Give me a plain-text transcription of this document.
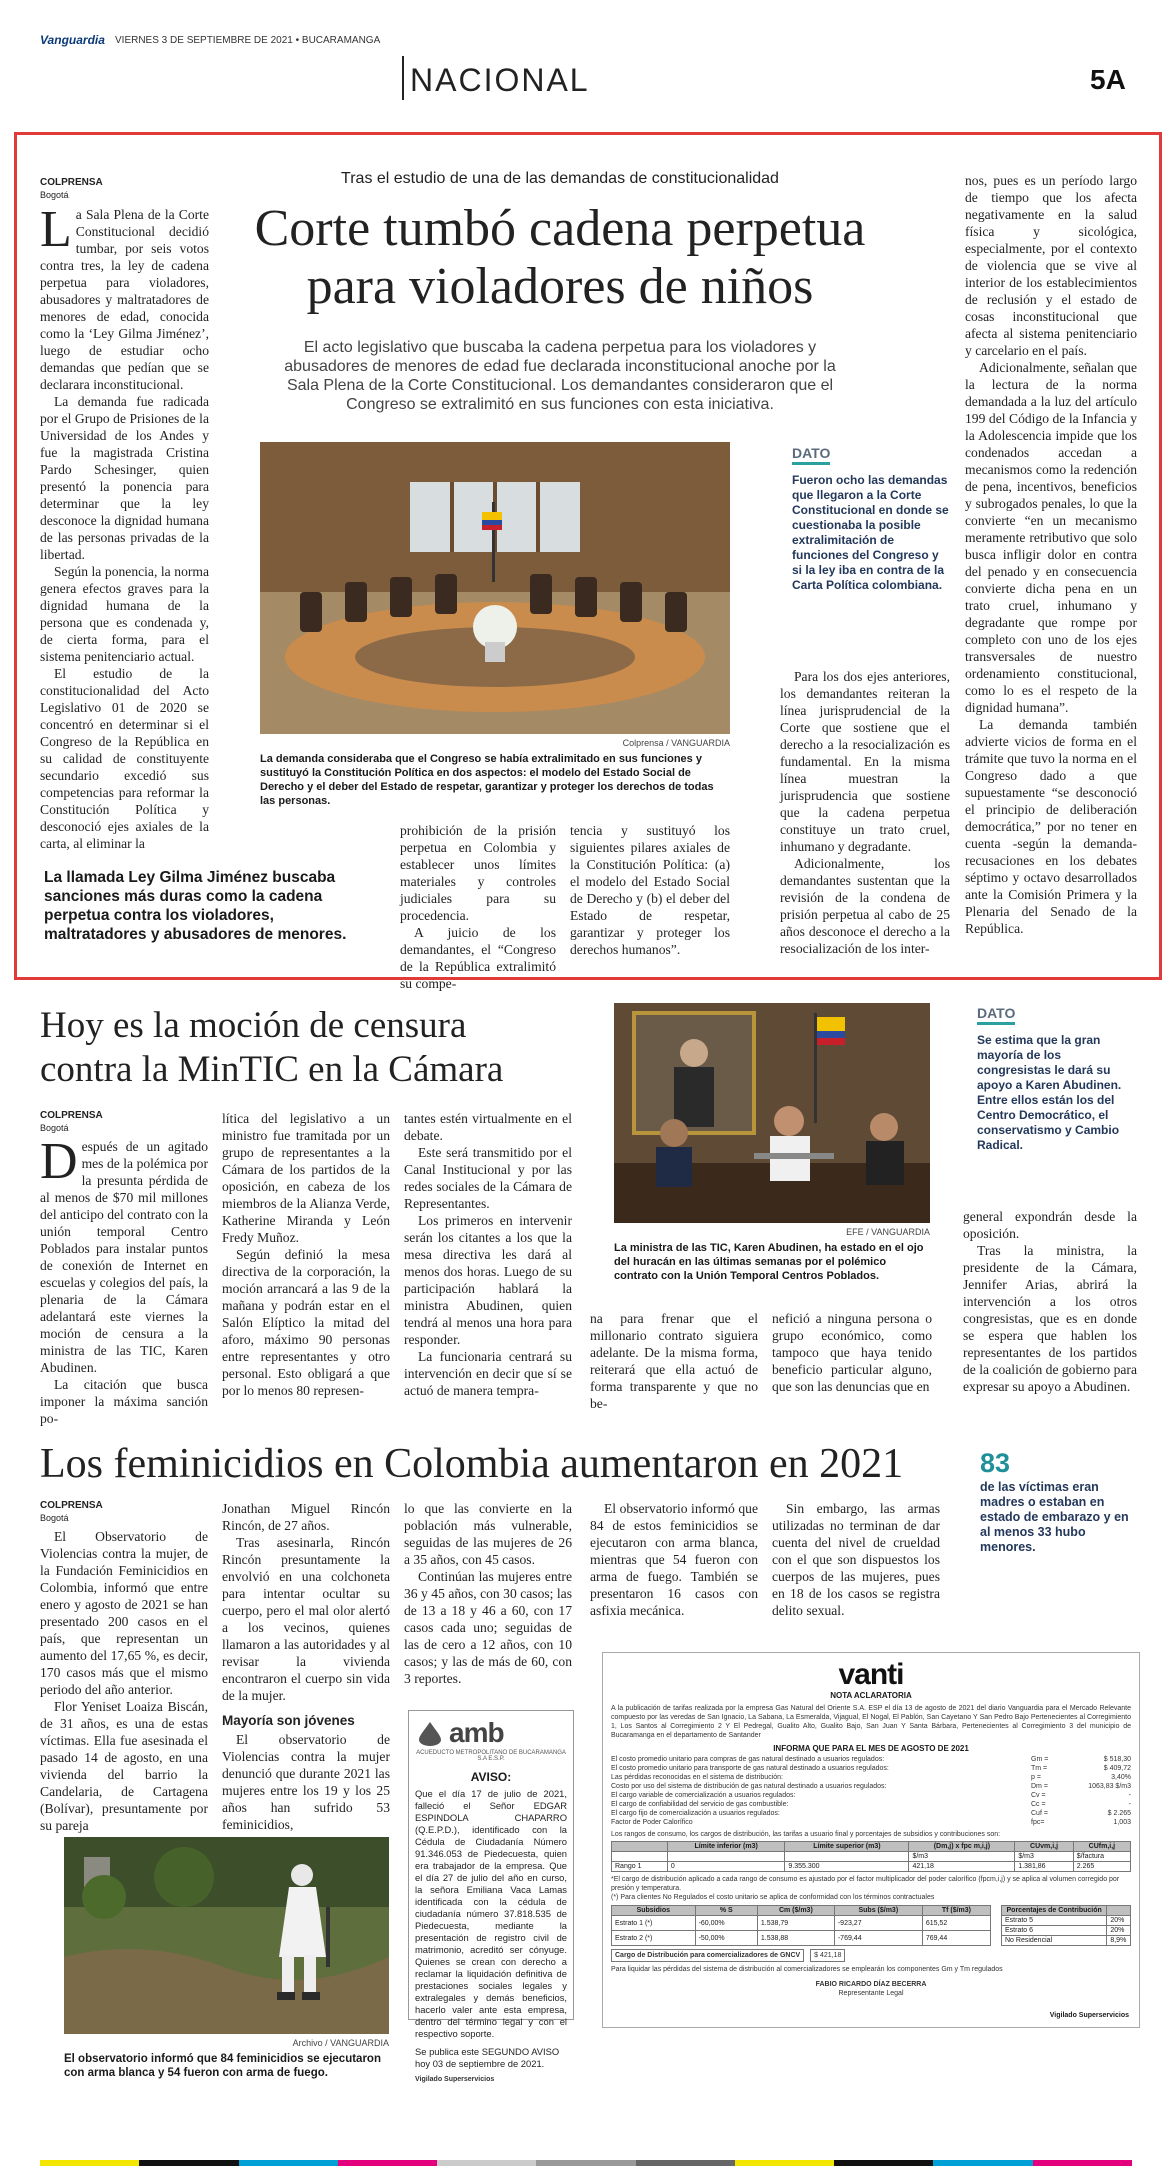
Vanguardia VIERNES 3 DE SEPTIEMBRE DE 2021 • BUCARAMANGA
NACIONAL	5A
COLPRENSA
Bogotá
L a Sala Plena de la Corte Constitucional decidió tumbar, por seis votos contra tres, la ley de cadena perpetua para violadores, abusadores y maltratadores de menores de edad, conocida como la ‘Ley Gilma Jiménez’, luego de estudiar ocho demandas que pedían que se declarara inconstitucional.

La demanda fue radicada por el Grupo de Prisiones de la Universidad de los Andes y fue la magistrada Cristina Pardo Schesinger, quien presentó la ponencia para determinar que la ley desconoce la dignidad humana de las personas privadas de la libertad.

Según la ponencia, la norma genera efectos graves para la dignidad humana de la persona que es condenada y, de cierta forma, para el sistema penitenciario actual.

El estudio de la constitucionalidad del Acto Legislativo 01 de 2020 se concentró en determinar si el Congreso de la República en su calidad de constituyente secundario excedió sus competencias para reformar la Constitución Política y desconoció ejes axiales de la carta, al eliminar la

La llamada Ley Gilma Jiménez buscaba sanciones más duras como la cadena perpetua contra los violadores, maltratadores y abusadores de menores.
Tras el estudio de una de las demandas de constitucionalidad
Corte tumbó cadena perpetua
para violadores de niños
El acto legislativo que buscaba la cadena perpetua para los violadores y abusadores de menores de edad fue declarada inconstitucional anoche por la Sala Plena de la Corte Constitucional. Los demandantes consideraron que el Congreso se extralimitó en sus funciones con esta iniciativa.
Colprensa / VANGUARDIA
La demanda consideraba que el Congreso se había extralimitado en sus funciones y sustituyó la Constitución Política en dos aspectos: el modelo del Estado Social de Derecho y el deber del Estado de respetar, garantizar y proteger los derechos de todas las personas.

prohibición de la prisión perpetua en Colombia y establecer unos límites materiales y controles judiciales para su procedencia.

A juicio de los demandantes, el “Congreso de la República extralimitó su compe-

tencia y sustituyó los siguientes pilares axiales de la Constitución Política: (a) el modelo del Estado Social de Derecho y (b) el deber del Estado de respetar, garantizar y proteger los derechos humanos”.

DATO
Fueron ocho las demandas que llegaron a la Corte Constitucional en donde se cuestionaba la posible extralimitación de funciones del Congreso y si la ley iba en contra de la Carta Política colombiana.

Para los dos ejes anteriores, los demandantes reiteran la línea jurisprudencial de la Corte que sostiene que el derecho a la resocialización es fundamental. En la misma línea muestran la jurisprudencia que sostiene que la cadena perpetua constituye un trato cruel, inhumano y degradante.

Adicionalmente, los demandantes sustentan que la revisión de la condena de prisión perpetua al cabo de 25 años desconoce el derecho a la resocialización de los inter-

nos, pues es un período largo de tiempo que los afecta negativamente en la salud física y sicológica, especialmente, por el contexto de violencia que se vive al interior de los establecimientos de reclusión y el estado de cosas inconstitucional que afecta al sistema penitenciario y carcelario en el país.

Adicionalmente, señalan que la lectura de la norma demandada a la luz del artículo 199 del Código de la Infancia y la Adolescencia impide que los condenados accedan a mecanismos como la redención de pena, incentivos, beneficios y subrogados penales, lo que la convierte “en un mecanismo meramente retributivo que solo busca infligir dolor en contra del penado y en consecuencia convierte dicha pena en un trato cruel, inhumano y degradante que rompe por completo con uno de los ejes transversales de nuestro ordenamiento constitucional, como lo es el respeto de la dignidad humana”.

La demanda también advierte vicios de forma en el trámite que tuvo la norma en el Congreso dado a que supuestamente “se desconoció el principio de deliberación democrática,” por no tener en cuenta -según la demanda- recusaciones en los debates séptimo y octavo desarrollados ante la Comisión Primera y la Plenaria del Senado de la República.

Hoy es la moción de censura
contra la MinTIC en la Cámara
COLPRENSA
Bogotá
D espués de un agitado mes de la polémica por la presunta pérdida de al menos de $70 mil millones del anticipo del contrato con la unión temporal Centro Poblados para instalar puntos de conexión de Internet en escuelas y colegios del país, la plenaria de la Cámara adelantará este viernes la moción de censura a la ministra de las TIC, Karen Abudinen.

La citación que busca imponer la máxima sanción po-

lítica del legislativo a un ministro fue tramitada por un grupo de representantes a la Cámara de los partidos de la oposición, en cabeza de los miembros de la Alianza Verde, Katherine Miranda y León Fredy Muñoz.

Según definió la mesa directiva de la corporación, la moción arrancará a las 9 de la mañana y podrán estar en el Salón Elíptico la mitad del aforo, máximo 90 personas entre representantes y otro personal. Esto obligará a que por lo menos 80 represen-

tantes estén virtualmente en el debate.

Este será transmitido por el Canal Institucional y por las redes sociales de la Cámara de Representantes.

Los primeros en intervenir serán los citantes a los que la mesa directiva les dará al menos dos horas. Luego de su participación hablará la ministra Abudinen, quien tendrá al menos una hora para responder.

La funcionaria centrará su intervención en decir que sí se actuó de manera tempra-

EFE / VANGUARDIA
La ministra de las TIC, Karen Abudinen, ha estado en el ojo del huracán en las últimas semanas por el polémico contrato con la Unión Temporal Centros Poblados.

na para frenar que el millonario contrato siguiera adelante. De la misma forma, reiterará que ella actuó de forma transparente y que no be-

nefició a ninguna persona o grupo económico, como tampoco que haya tenido beneficio particular alguno, que son las denuncias que en

DATO
Se estima que la gran mayoría de los congresistas le dará su apoyo a Karen Abudinen. Entre ellos están los del Centro Democrático, el conservatismo y Cambio Radical.

general expondrán desde la oposición.

Tras la ministra, la presidente de la Cámara, Jennifer Arias, abrirá la intervención a los otros congresistas, que es en donde se espera que hablen los representantes de los partidos de la coalición de gobierno para expresar su apoyo a Abudinen.

Los feminicidios en Colombia aumentaron en 2021	83
de las víctimas eran madres o estaban en estado de embarazo y en al menos 33 hubo menores.
COLPRENSA
Bogotá

El Observatorio de Violencias contra la mujer, de la Fundación Feminicidios en Colombia, informó que entre enero y agosto de 2021 se han presentado 200 casos en el país, que representan un aumento del 17,65 %, es decir, 170 casos más que el mismo periodo del año anterior.

Flor Yeniset Loaiza Biscán, de 31 años, es una de estas víctimas. Ella fue asesinada el pasado 14 de agosto, en una vivienda del barrio la Candelaria, de Cartagena (Bolívar), presuntamente por su pareja

Jonathan Miguel Rincón Rincón, de 27 años.

Tras asesinarla, Rincón Rincón presuntamente la envolvió en una colchoneta para intentar ocultar su cuerpo, pero el mal olor alertó a los vecinos, quienes llamaron a las autoridades y al revisar la vivienda encontraron el cuerpo sin vida de la mujer.

Mayoría son jóvenes

El observatorio de Violencias contra la mujer denunció que durante 2021 las mujeres entre los 19 y los 25 años han sufrido 53 feminicidios,

lo que las convierte en la población más vulnerable, seguidas de las mujeres de 26 a 35 años, con 45 casos.

Continúan las mujeres entre 36 y 45 años, con 30 casos; las de 13 a 18 y 46 a 60, con 17 casos cada uno; seguidas de las de cero a 12 años, con 10 casos; y las de más de 60, con 3 reportes.

El observatorio informó que 84 de estos feminicidios se ejecutaron con arma blanca, mientras que 54 fueron con arma de fuego. También se presentaron 16 casos con asfixia mecánica.

Sin embargo, las armas utilizadas no terminan de dar cuenta del nivel de crueldad con el que son dispuestos los cuerpos de las mujeres, pues en 18 de los casos se registra delito sexual.

Archivo / VANGUARDIA
El observatorio informó que 84 feminicidios se ejecutaron con arma blanca y 54 fueron con arma de fuego.
amb
ACUEDUCTO METROPOLITANO DE BUCARAMANGA S.A E.S.P.
AVISO:
Que el día 17 de julio de 2021, falleció el Señor EDGAR ESPINDOLA CHAPARRO (Q.E.P.D.), identificado con la Cédula de Ciudadanía Número 91.346.053 de Piedecuesta, quien era trabajador de la empresa. Que el día 27 de julio del año en curso, la señora Emiliana Vaca Lamas identificada con la cédula de ciudadanía número 37.818.535 de Piedecuesta, mediante la presentación de registro civil de matrimonio, acreditó ser cónyuge. Quienes se crean con derecho a reclamar la liquidación definitiva de prestaciones sociales legales y extralegales y demás beneficios, hacerlo valer ante esta empresa, dentro del término legal y con el respectivo soporte.
Se publica este SEGUNDO AVISO hoy 03 de septiembre de 2021.
Vigilado Superservicios
vanti
NOTA ACLARATORIA
A la publicación de tarifas realizada por la empresa Gas Natural del Oriente S.A. ESP el día 13 de agosto de 2021 del diario Vanguardia para el Mercado Relevante compuesto por las veredas de San Ignacio, La Sabana, La Esmeralda, Vijagual, El Nogal, El Pablón, San Cayetano Y San Pedro Bajo Pertenecientes al Corregimiento 1, Los Santos al Corregimiento 2 Y El Pedregal, Gualito Alto, Gualito Bajo, San Juan Y Santa Bárbara, Pertenecientes al Corregimiento 3 del municipio de Bucaramanga en el departamento de Santander
INFORMA QUE PARA EL MES DE AGOSTO DE 2021
El costo promedio unitario para compras de gas natural destinado a usuarios regulados:	Gm =	$ 518,30
El costo promedio unitario para transporte de gas natural destinado a usuarios regulados:	Tm =	$ 409,72
Las pérdidas reconocidas en el sistema de distribución:	p =	3,40%
Costo por uso del sistema de distribución de gas natural destinado a usuarios regulados:	Dm =	1063,83 $/m3
El cargo variable de comercialización a usuarios regulados:	Cv =	-
El cargo de confiabilidad del servicio de gas combustible:	Cc =	-
El cargo fijo de comercialización a usuarios regulados:	Cuf =	$ 2.265
Factor de Poder Calorífico	fpc=	1,003
Los rangos de consumo, los cargos de distribución, las tarifas a usuario final y porcentajes de subsidios y contribuciones son:
	Límite inferior (m3)	Límite superior (m3)	(Dm,j) x fpc m,i,j)	CUvm,i,j	CUfm,i,j
			$/m3	$/m3	$/factura
Rango 1	0	9.355.300	421,18	1.381,86	2.265
*El cargo de distribución aplicado a cada rango de consumo es ajustado por el factor multiplicador del poder calorífico (fpcm,i,j) y se aplica al volumen corregido por presión y temperatura.
(*) Para clientes No Regulados el costo unitario se aplica de conformidad con los términos contractuales
Subsidios	% S	Cm ($/m3)	Subs ($/m3)	Tf ($/m3)
Estrato 1 (*)	-60,00%	1.538,79	-923,27	615,52
Estrato 2 (*)	-50,00%	1.538,88	-769,44	769,44
Porcentajes de Contribución	
Estrato 5	20%
Estrato 6	20%
No Residencial	8,9%
Cargo de Distribución para comercializadores de GNCV	$ 421,18
Para liquidar las pérdidas del sistema de distribución al comercializadores se emplearán los componentes Gm y Tm regulados
FABIO RICARDO DÍAZ BECERRA
Representante Legal
Vigilado Superservicios
